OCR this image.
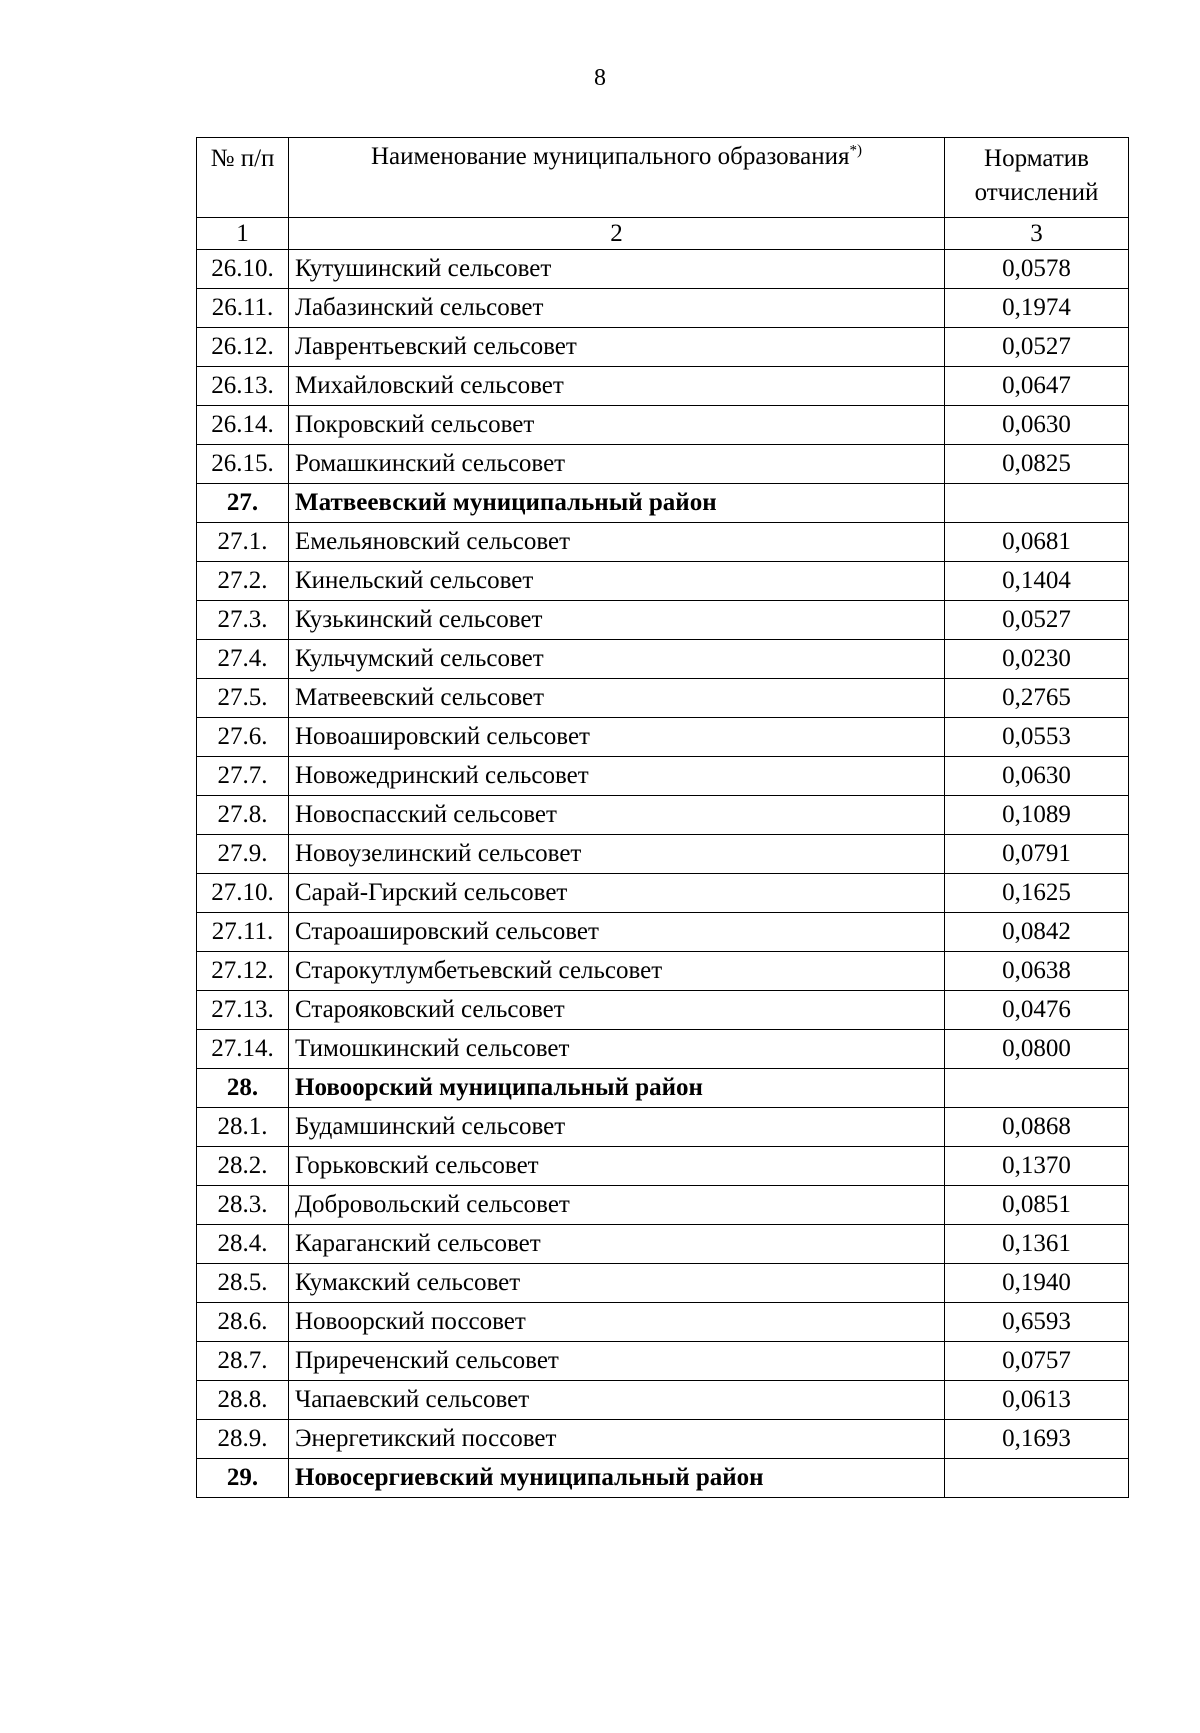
8
№ п/п	Наименование муниципального образования*)	Норматив отчислений
1	2	3
26.10.	Кутушинский сельсовет	0,0578
26.11.	Лабазинский сельсовет	0,1974
26.12.	Лаврентьевский сельсовет	0,0527
26.13.	Михайловский сельсовет	0,0647
26.14.	Покровский сельсовет	0,0630
26.15.	Ромашкинский сельсовет	0,0825
27.	Матвеевский муниципальный район	
27.1.	Емельяновский сельсовет	0,0681
27.2.	Кинельский сельсовет	0,1404
27.3.	Кузькинский сельсовет	0,0527
27.4.	Кульчумский сельсовет	0,0230
27.5.	Матвеевский сельсовет	0,2765
27.6.	Новоашировский сельсовет	0,0553
27.7.	Новожедринский сельсовет	0,0630
27.8.	Новоспасский сельсовет	0,1089
27.9.	Новоузелинский сельсовет	0,0791
27.10.	Сарай-Гирский сельсовет	0,1625
27.11.	Староашировский сельсовет	0,0842
27.12.	Старокутлумбетьевский сельсовет	0,0638
27.13.	Старояковский сельсовет	0,0476
27.14.	Тимошкинский сельсовет	0,0800
28.	Новоорский муниципальный район	
28.1.	Будамшинский сельсовет	0,0868
28.2.	Горьковский сельсовет	0,1370
28.3.	Добровольский сельсовет	0,0851
28.4.	Караганский сельсовет	0,1361
28.5.	Кумакский сельсовет	0,1940
28.6.	Новоорский поссовет	0,6593
28.7.	Приреченский сельсовет	0,0757
28.8.	Чапаевский сельсовет	0,0613
28.9.	Энергетикский поссовет	0,1693
29.	Новосергиевский муниципальный район	
